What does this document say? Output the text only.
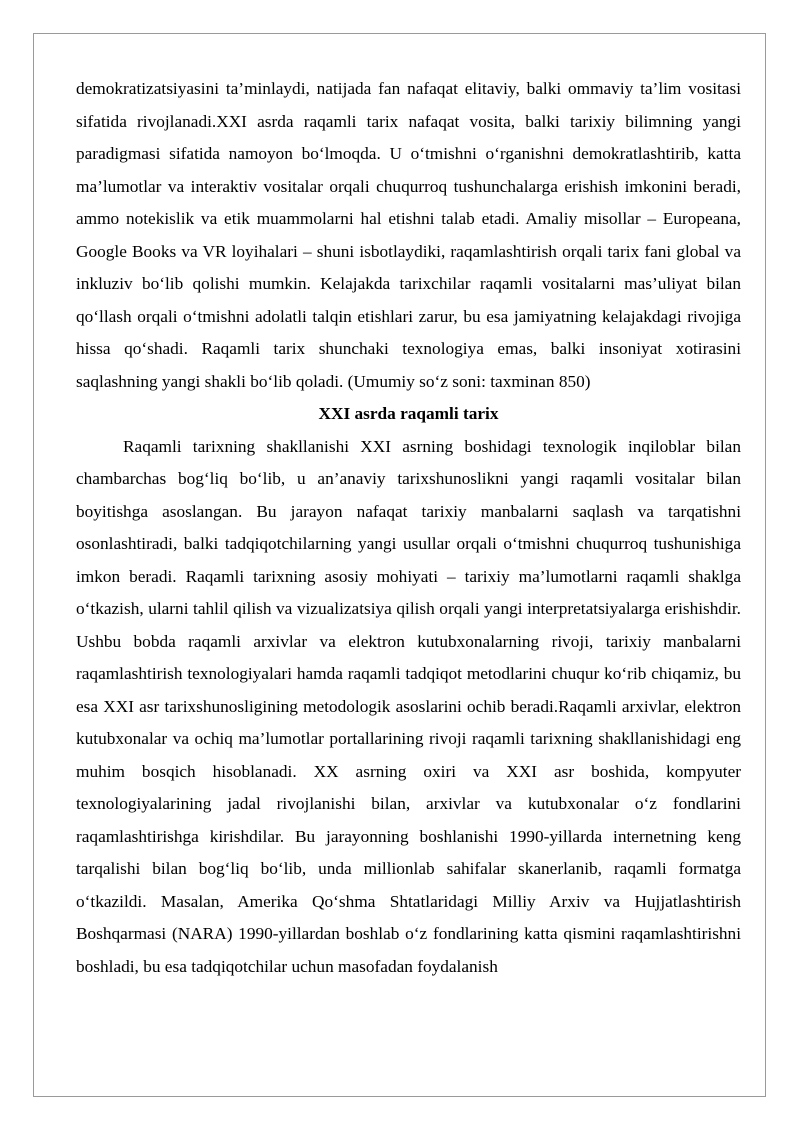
demokratizatsiyasini ta’minlaydi, natijada fan nafaqat elitaviy, balki ommaviy ta’lim vositasi sifatida rivojlanadi.XXI asrda raqamli tarix nafaqat vosita, balki tarixiy bilimning yangi paradigmasi sifatida namoyon bo‘lmoqda. U o‘tmishni o‘rganishni demokratlashtirib, katta ma’lumotlar va interaktiv vositalar orqali chuqurroq tushunchalarga erishish imkonini beradi, ammo notekislik va etik muammolarni hal etishni talab etadi. Amaliy misollar – Europeana, Google Books va VR loyihalari – shuni isbotlaydiki, raqamlashtirish orqali tarix fani global va inkluziv bo‘lib qolishi mumkin. Kelajakda tarixchilar raqamli vositalarni mas’uliyat bilan qo‘llash orqali o‘tmishni adolatli talqin etishlari zarur, bu esa jamiyatning kelajakdagi rivojiga hissa qo‘shadi. Raqamli tarix shunchaki texnologiya emas, balki insoniyat xotirasini saqlashning yangi shakli bo‘lib qoladi. (Umumiy so‘z soni: taxminan 850)

XXI asrda raqamli tarix

Raqamli tarixning shakllanishi XXI asrning boshidagi texnologik inqiloblar bilan chambarchas bog‘liq bo‘lib, u an’anaviy tarixshunoslikni yangi raqamli vositalar bilan boyitishga asoslangan. Bu jarayon nafaqat tarixiy manbalarni saqlash va tarqatishni osonlashtiradi, balki tadqiqotchilarning yangi usullar orqali o‘tmishni chuqurroq tushunishiga imkon beradi. Raqamli tarixning asosiy mohiyati – tarixiy ma’lumotlarni raqamli shaklga o‘tkazish, ularni tahlil qilish va vizualizatsiya qilish orqali yangi interpretatsiyalarga erishishdir. Ushbu bobda raqamli arxivlar va elektron kutubxonalarning rivoji, tarixiy manbalarni raqamlashtirish texnologiyalari hamda raqamli tadqiqot metodlarini chuqur ko‘rib chiqamiz, bu esa XXI asr tarixshunosligining metodologik asoslarini ochib beradi.Raqamli arxivlar, elektron kutubxonalar va ochiq ma’lumotlar portallarining rivoji raqamli tarixning shakllanishidagi eng muhim bosqich hisoblanadi. XX asrning oxiri va XXI asr boshida, kompyuter texnologiyalarining jadal rivojlanishi bilan, arxivlar va kutubxonalar o‘z fondlarini raqamlashtirishga kirishdilar. Bu jarayonning boshlanishi 1990-yillarda internetning keng tarqalishi bilan bog‘liq bo‘lib, unda millionlab sahifalar skanerlanib, raqamli formatga o‘tkazildi. Masalan, Amerika Qo‘shma Shtatlaridagi Milliy Arxiv va Hujjatlashtirish Boshqarmasi (NARA) 1990-yillardan boshlab o‘z fondlarining katta qismini raqamlashtirishni boshladi, bu esa tadqiqotchilar uchun masofadan foydalanish
